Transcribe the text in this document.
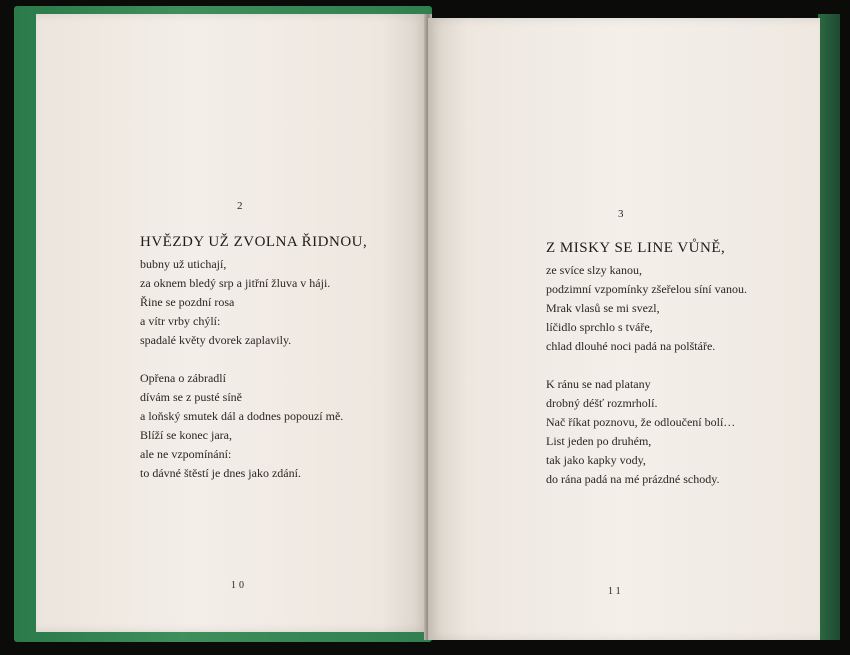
2
HVĚZDY UŽ ZVOLNA ŘIDNOU,
bubny už utichají,
za oknem bledý srp a jitřní žluva v háji.
Řine se pozdní rosa
a vítr vrby chýlí:
spadalé květy dvorek zaplavily.
Opřena o zábradlí
dívám se z pusté síně
a loňský smutek dál a dodnes popouzí mě.
Blíží se konec jara,
ale ne vzpomínání:
to dávné štěstí je dnes jako zdání.
10
3
Z MISKY SE LINE VŮNĚ,
ze svíce slzy kanou,
podzimní vzpomínky zšeřelou síní vanou.
Mrak vlasů se mi svezl,
líčidlo sprchlo s tváře,
chlad dlouhé noci padá na polštáře.
K ránu se nad platany
drobný déšť rozmrholí.
Nač říkat poznovu, že odloučení bolí…
List jeden po druhém,
tak jako kapky vody,
do rána padá na mé prázdné schody.
11
